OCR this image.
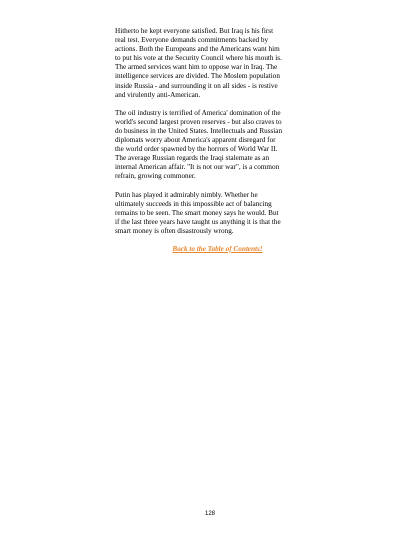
Hitherto he kept everyone satisfied. But Iraq is his first
real test. Everyone demands commitments backed by
actions. Both the Europeans and the Americans want him
to put his vote at the Security Council where his mouth is.
The armed services want him to oppose war in Iraq. The
intelligence services are divided. The Moslem population
inside Russia - and surrounding it on all sides - is restive
and virulently anti-American.

The oil industry is terrified of America' domination of the
world's second largest proven reserves - but also craves to
do business in the United States. Intellectuals and Russian
diplomats worry about America's apparent disregard for
the world order spawned by the horrors of World War II.
The average Russian regards the Iraqi stalemate as an
internal American affair. "It is not our war", is a common
refrain, growing commoner.

Putin has played it admirably nimbly. Whether he
ultimately succeeds in this impossible act of balancing
remains to be seen. The smart money says he would. But
if the last three years have taught us anything it is that the
smart money is often disastrously wrong.

Back to the Table of Contents!
128
